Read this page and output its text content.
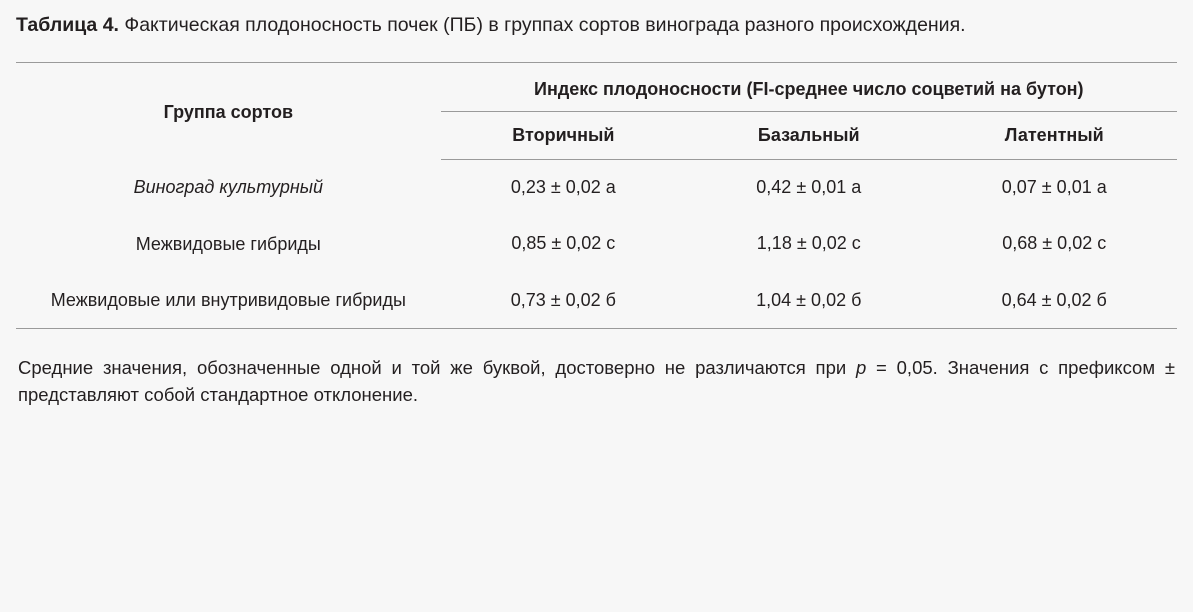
Таблица 4. Фактическая плодоносность почек (ПБ) в группах сортов винограда разного происхождения.
Группа сортов	Индекс плодоносности (FI-среднее число соцветий на бутон)		
	Вторичный	Базальный	Латентный
Виноград культурный	0,23 ± 0,02 a	0,42 ± 0,01 a	0,07 ± 0,01 a
Межвидовые гибриды	0,85 ± 0,02 c	1,18 ± 0,02 c	0,68 ± 0,02 c
Межвидовые или внутривидовые гибриды	0,73 ± 0,02 б	1,04 ± 0,02 б	0,64 ± 0,02 б
Средние значения, обозначенные одной и той же буквой, достоверно не различаются при p = 0,05. Значения с префиксом ± представляют собой стандартное отклонение.
